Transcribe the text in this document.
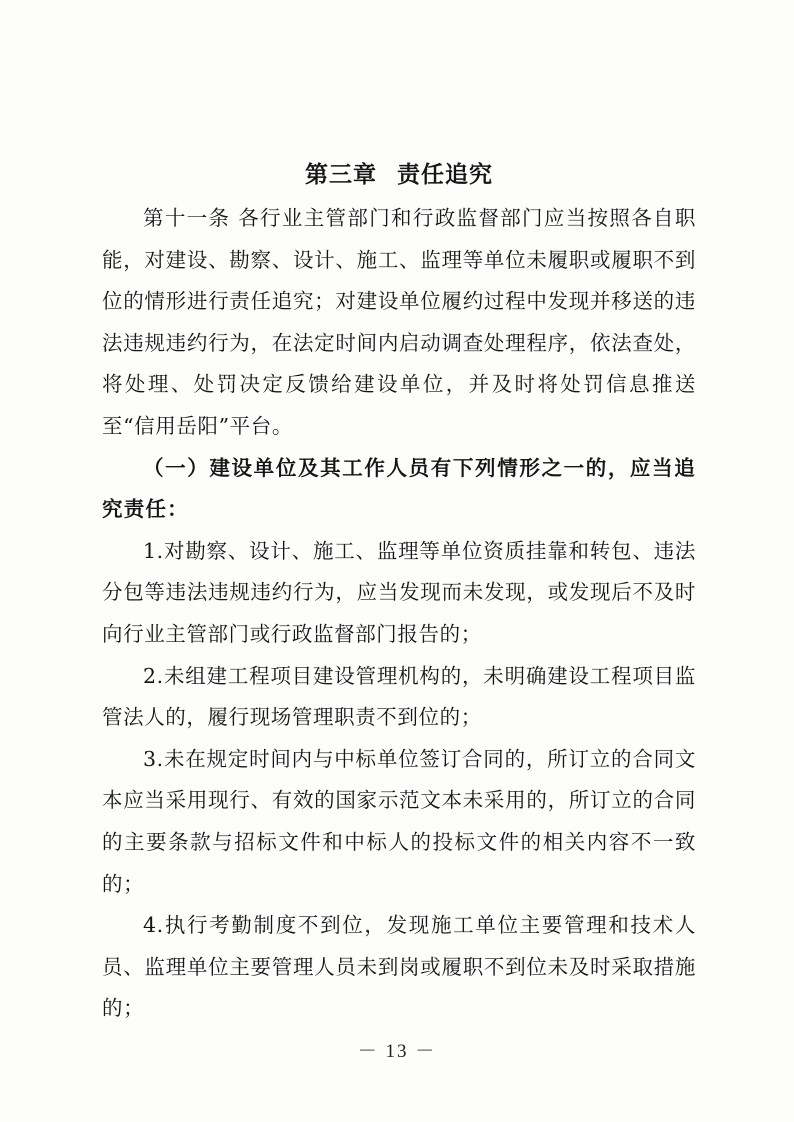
第三章 责任追究

第十一条 各行业主管部门和行政监督部门应当按照各自职能，对建设、勘察、设计、施工、监理等单位未履职或履职不到位的情形进行责任追究；对建设单位履约过程中发现并移送的违法违规违约行为，在法定时间内启动调查处理程序，依法查处，将处理、处罚决定反馈给建设单位，并及时将处罚信息推送至“信用岳阳”平台。

（一）建设单位及其工作人员有下列情形之一的，应当追究责任：

1.对勘察、设计、施工、监理等单位资质挂靠和转包、违法分包等违法违规违约行为，应当发现而未发现，或发现后不及时向行业主管部门或行政监督部门报告的；

2.未组建工程项目建设管理机构的，未明确建设工程项目监管法人的，履行现场管理职责不到位的；

3.未在规定时间内与中标单位签订合同的，所订立的合同文本应当采用现行、有效的国家示范文本未采用的，所订立的合同的主要条款与招标文件和中标人的投标文件的相关内容不一致的；

4.执行考勤制度不到位，发现施工单位主要管理和技术人员、监理单位主要管理人员未到岗或履职不到位未及时采取措施的；

－ 13 －
